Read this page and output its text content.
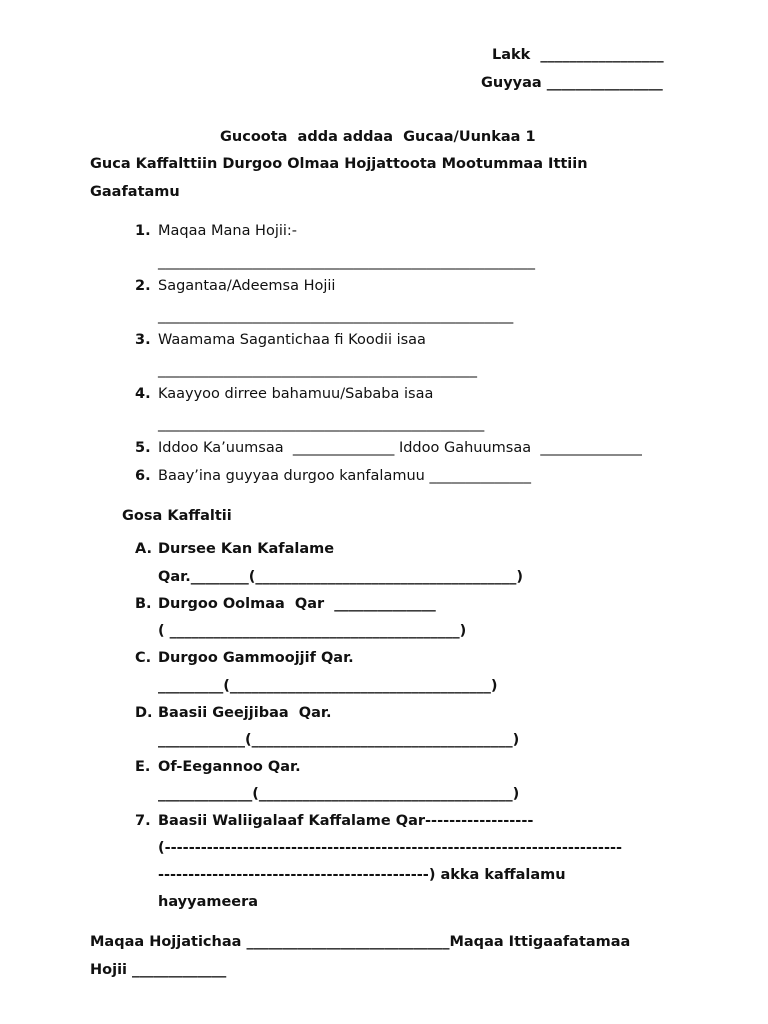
Lakk  _________________
Guyyaa ________________
Gucoota  adda addaa  Gucaa/Uunkaa 1
Guca Kaffalttiin Durgoo Olmaa Hojjattoota Mootummaa Ittiin
Gaafatamu
1. Maqaa Mana Hojii:-
____________________________________________________
2. Sagantaa/Adeemsa Hojii
_________________________________________________
3. Waamama Sagantichaa fi Koodii isaa
____________________________________________
4. Kaayyoo dirree bahamuu/Sababa isaa
_____________________________________________
5. Iddoo Ka’uumsaa  ______________ Iddoo Gahuumsaa  ______________
6. Baay’ina guyyaa durgoo kanfalamuu ______________
Gosa Kaffaltii
A. Dursee Kan Kafalame
Qar.________(____________________________________)
B. Durgoo Oolmaa  Qar  ______________
( ________________________________________)
C. Durgoo Gammoojjif Qar.
_________(____________________________________)
D. Baasii Geejjibaa  Qar.
____________(____________________________________)
E. Of-Eegannoo Qar.
_____________(___________________________________)
7. Baasii Waliigalaaf Kaffalame Qar------------------
(----------------------------------------------------------------------------
---------------------------------------------) akka kaffalamu
hayyameera
Maqaa Hojjatichaa ____________________________Maqaa Ittigaafatamaa
Hojii _____________
